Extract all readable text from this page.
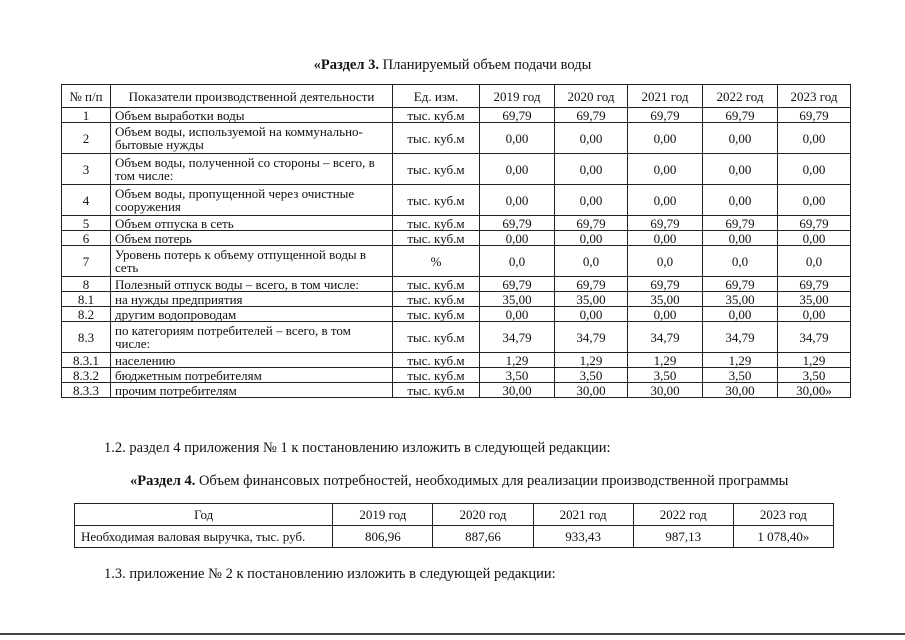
«Раздел 3. Планируемый объем подачи воды
№ п/п	Показатели производственной деятельности	Ед. изм.	2019 год	2020 год	2021 год	2022 год	2023 год
1	Объем выработки воды	тыс. куб.м	69,79	69,79	69,79	69,79	69,79
2	Объем воды, используемой на коммунально-бытовые нужды	тыс. куб.м	0,00	0,00	0,00	0,00	0,00
3	Объем воды, полученной со стороны – всего, в том числе:	тыс. куб.м	0,00	0,00	0,00	0,00	0,00
4	Объем воды, пропущенной через очистные сооружения	тыс. куб.м	0,00	0,00	0,00	0,00	0,00
5	Объем отпуска в сеть	тыс. куб.м	69,79	69,79	69,79	69,79	69,79
6	Объем потерь	тыс. куб.м	0,00	0,00	0,00	0,00	0,00
7	Уровень потерь к объему отпущенной воды в сеть	%	0,0	0,0	0,0	0,0	0,0
8	Полезный отпуск воды – всего, в том числе:	тыс. куб.м	69,79	69,79	69,79	69,79	69,79
8.1	на нужды предприятия	тыс. куб.м	35,00	35,00	35,00	35,00	35,00
8.2	другим водопроводам	тыс. куб.м	0,00	0,00	0,00	0,00	0,00
8.3	по категориям потребителей – всего, в том числе:	тыс. куб.м	34,79	34,79	34,79	34,79	34,79
8.3.1	населению	тыс. куб.м	1,29	1,29	1,29	1,29	1,29
8.3.2	бюджетным потребителям	тыс. куб.м	3,50	3,50	3,50	3,50	3,50
8.3.3	прочим потребителям	тыс. куб.м	30,00	30,00	30,00	30,00	30,00»
1.2. раздел 4 приложения № 1 к постановлению изложить в следующей редакции:
«Раздел 4. Объем финансовых потребностей, необходимых для реализации производственной программы
Год	2019 год	2020 год	2021 год	2022 год	2023 год
Необходимая валовая выручка, тыс. руб.	806,96	887,66	933,43	987,13	1 078,40»
1.3. приложение № 2 к постановлению изложить в следующей редакции:
